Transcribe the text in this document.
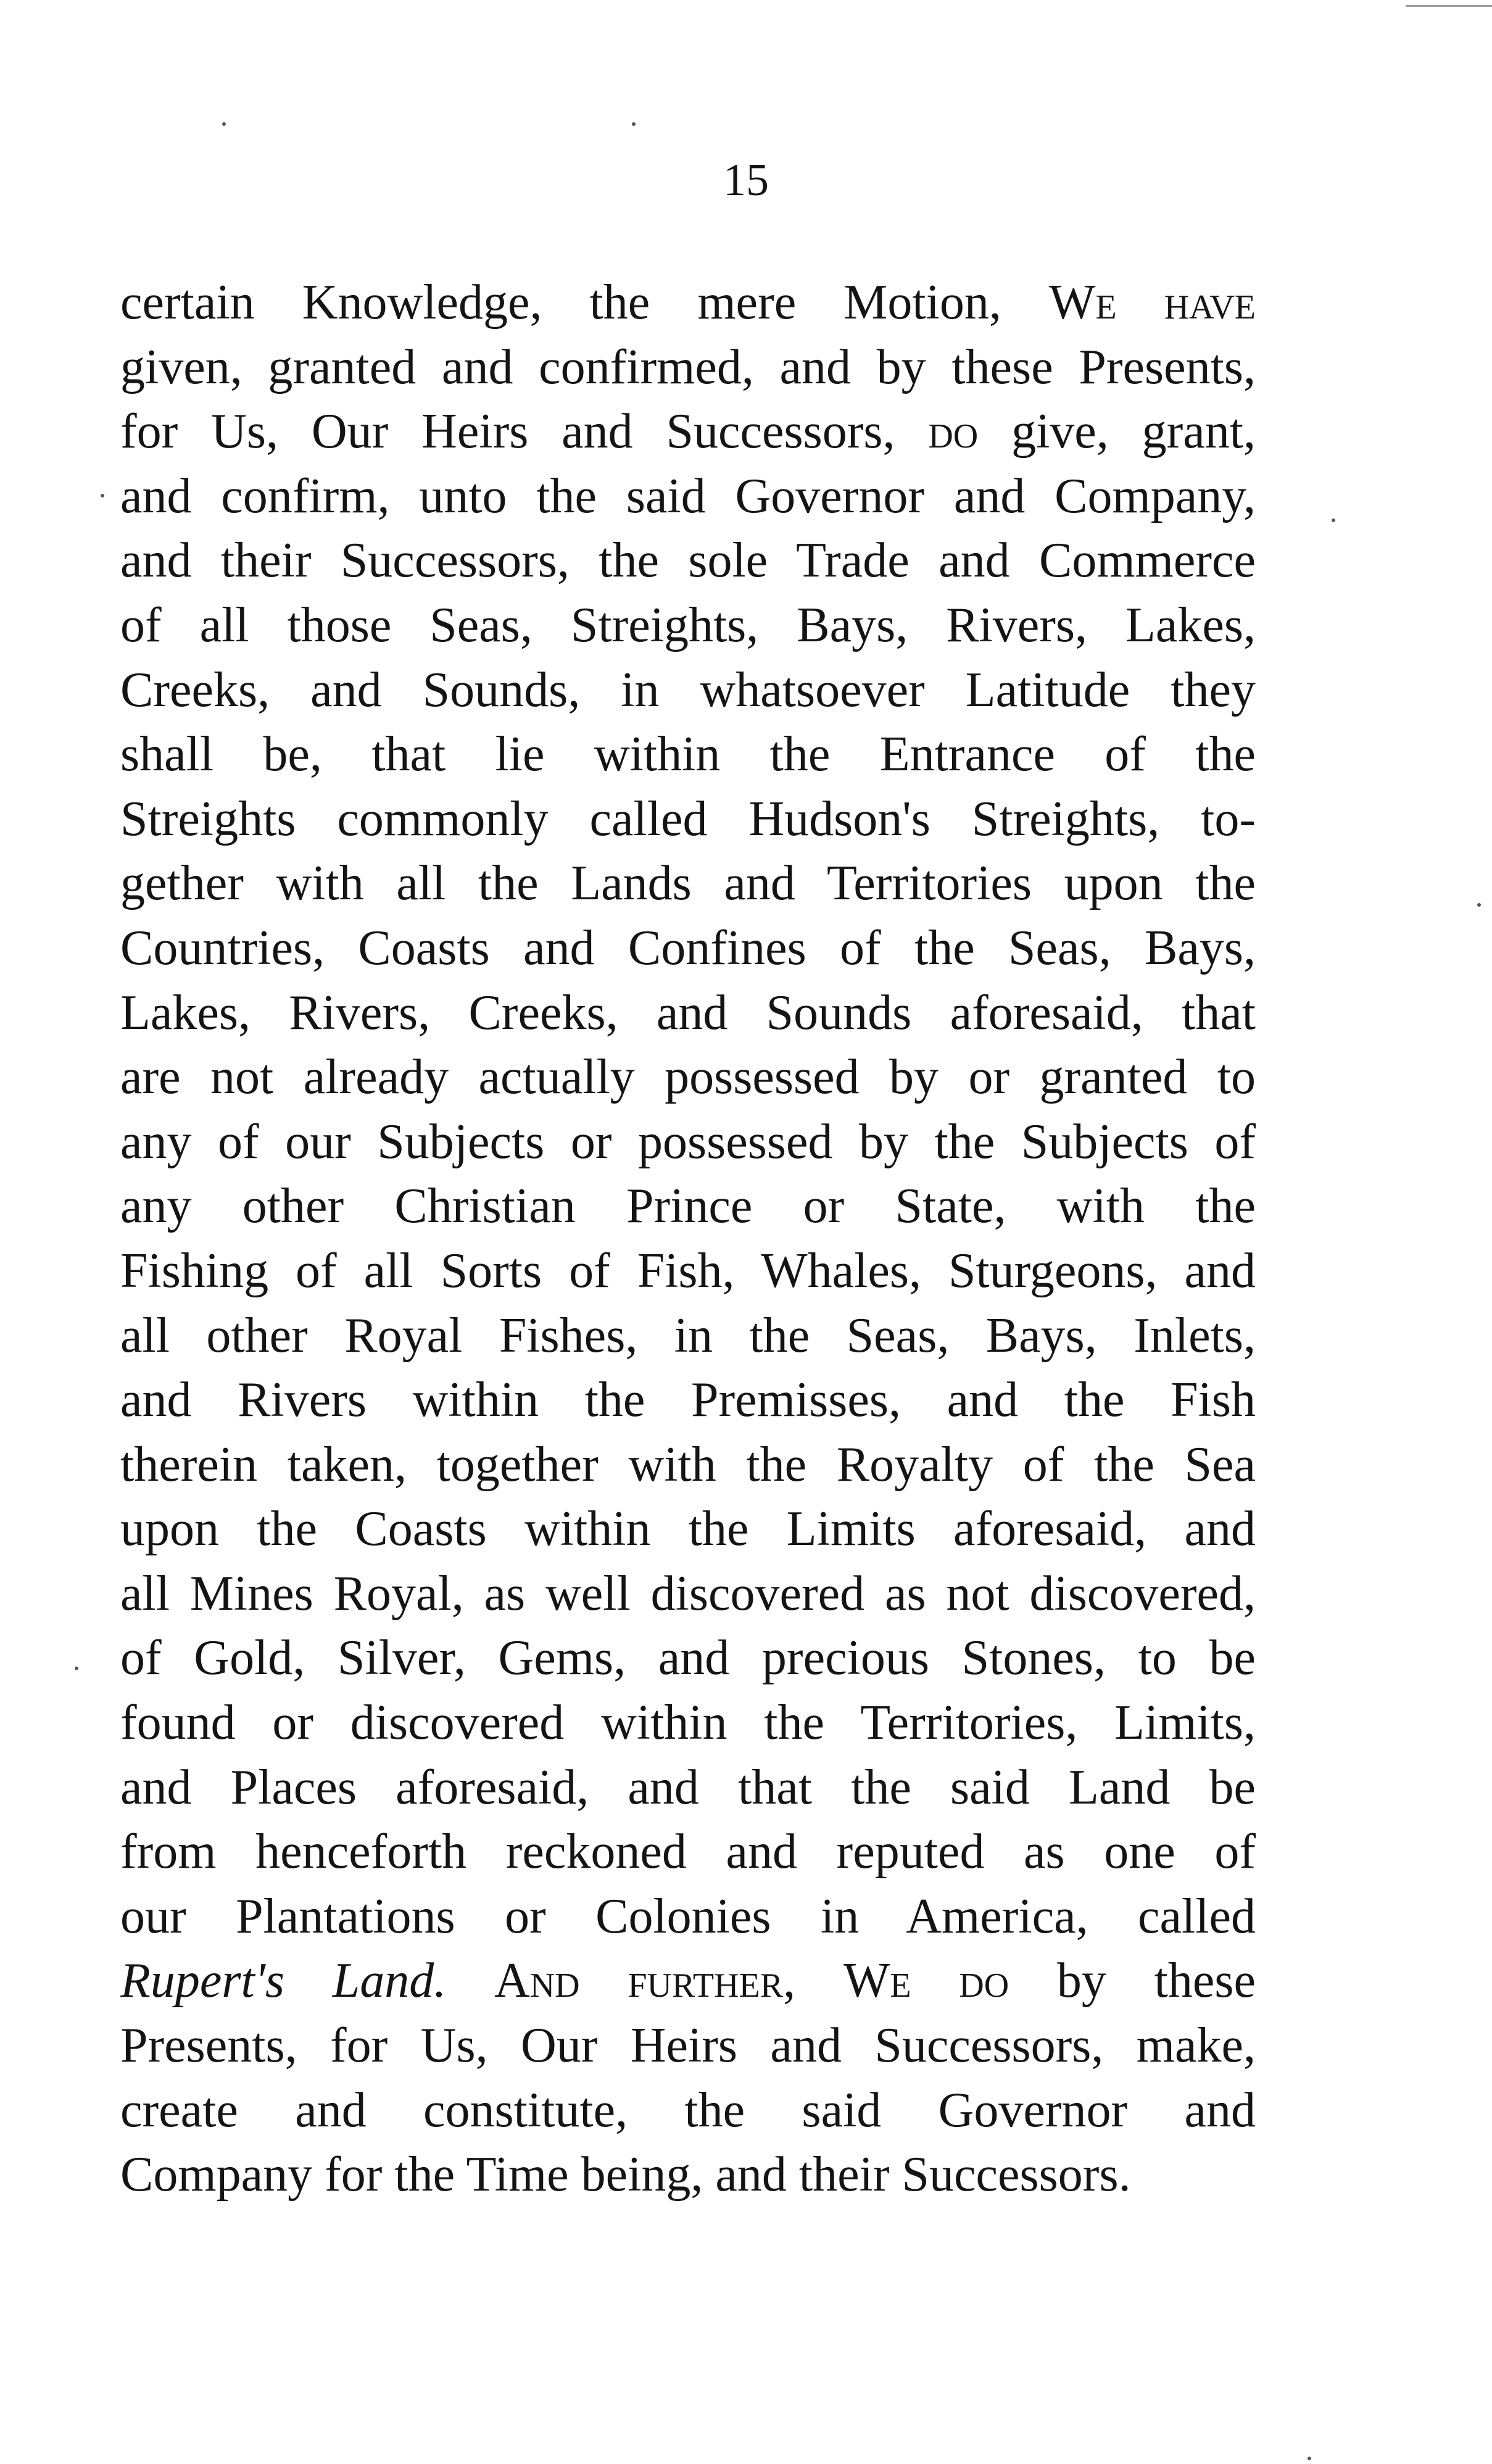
15
certain Knowledge, the mere Motion, We have
given, granted and confirmed, and by these Presents,
for Us, Our Heirs and Successors, do give, grant,
and confirm, unto the said Governor and Company,
and their Successors, the sole Trade and Commerce
of all those Seas, Streights, Bays, Rivers, Lakes,
Creeks, and Sounds, in whatsoever Latitude they
shall be, that lie within the Entrance of the
Streights commonly called Hudson's Streights, to-
gether with all the Lands and Territories upon the
Countries, Coasts and Confines of the Seas, Bays,
Lakes, Rivers, Creeks, and Sounds aforesaid, that
are not already actually possessed by or granted to
any of our Subjects or possessed by the Subjects of
any other Christian Prince or State, with the
Fishing of all Sorts of Fish, Whales, Sturgeons, and
all other Royal Fishes, in the Seas, Bays, Inlets,
and Rivers within the Premisses, and the Fish
therein taken, together with the Royalty of the Sea
upon the Coasts within the Limits aforesaid, and
all Mines Royal, as well discovered as not discovered,
of Gold, Silver, Gems, and precious Stones, to be
found or discovered within the Territories, Limits,
and Places aforesaid, and that the said Land be
from henceforth reckoned and reputed as one of
our Plantations or Colonies in America, called
Rupert's Land. And further, We do by these
Presents, for Us, Our Heirs and Successors, make,
create and constitute, the said Governor and
Company for the Time being, and their Successors.
